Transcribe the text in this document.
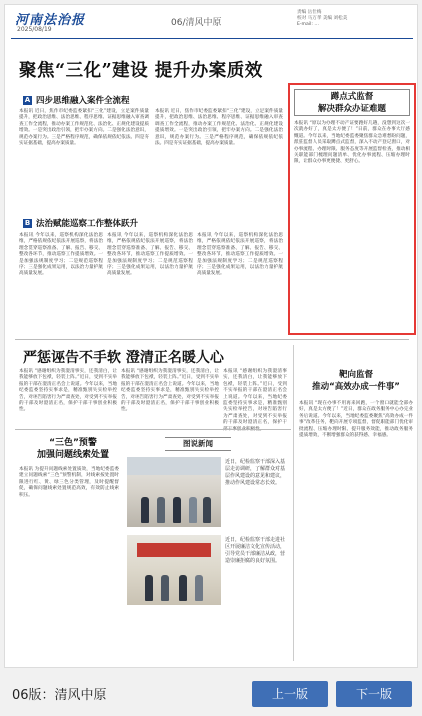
河南法治报
2025/08/19
06/清风中原
责编 岳仕梅
校对 马万孝 美编 刘松美
E-mail: …
聚焦“三化”建设 提升办案质效
A 四步思维融入案件全流程
本报讯 近日，焦作市纪委监委紧扣“三化”建设，立足案件质量提升，把政治思维、法治思维、程序思维、证据思维融入审查调查工作全流程，推动办案工作规范化、法治化、正规化建设提质增效。一是突出政治引领，把牢办案方向。二是强化法治意识，规范办案行为。三是严格程序规范，确保依规依纪依法。四是夯实证据基础，提高办案质量。
本报讯 近日，焦作市纪委监委紧扣“三化”建设，立足案件质量提升，把政治思维、法治思维、程序思维、证据思维融入审查调查工作全流程，推动办案工作规范化、法治化、正规化建设提质增效。一是突出政治引领，把牢办案方向。二是强化法治意识，规范办案行为。三是严格程序规范，确保依规依纪依法。四是夯实证据基础，提高办案质量。
B 法治赋能巡察工作整体跃升
本报讯 今年以来，巡察机构深化法治思维，严格依规依纪依法开展巡察，将法治理念贯穿巡察准备、了解、报告、移交、整改各环节，推动巡察工作提质增效。一是加强法规制度学习；二是规范巡察程序；三是强化成果运用，以法治力量护航高质量发展。
本报讯 今年以来，巡察机构深化法治思维，严格依规依纪依法开展巡察，将法治理念贯穿巡察准备、了解、报告、移交、整改各环节，推动巡察工作提质增效。一是加强法规制度学习；二是规范巡察程序；三是强化成果运用，以法治力量护航高质量发展。
本报讯 今年以来，巡察机构深化法治思维，严格依规依纪依法开展巡察，将法治理念贯穿巡察准备、了解、报告、移交、整改各环节，推动巡察工作提质增效。一是加强法规制度学习；二是规范巡察程序；三是强化成果运用，以法治力量护航高质量发展。
蹲点式监督
解决群众办证难题
本报讯 “原以为办理不动产证要跑好几趟，没想到这次一次就办好了，真是太方便了！”日前，群众在办事大厅感慨道。今年以来，当地纪委监委聚焦群众急难愁盼问题，派驻监督人员采取蹲点式监督，深入不动产登记窗口，对办事流程、办理时限、服务态度等开展监督检查，推动相关职能部门梳理问题清单、优化办事流程、压缩办理时限，让群众办事更便捷、更舒心。
严惩诬告不手软 澄清正名暖人心
本报讯 “感谢组织为我澄清事实，还我清白，让我能够放下包袱，轻装上阵。”近日，受到不实举报的干部在澄清正名会上说道。今年以来，当地纪委监委坚持实事求是，精准甄别失实检举控告，对诬告陷害行为严肃查处，对受到不实举报的干部及时澄清正名，保护干部干事创业积极性。
本报讯 “感谢组织为我澄清事实，还我清白，让我能够放下包袱，轻装上阵。”近日，受到不实举报的干部在澄清正名会上说道。今年以来，当地纪委监委坚持实事求是，精准甄别失实检举控告，对诬告陷害行为严肃查处，对受到不实举报的干部及时澄清正名，保护干部干事创业积极性。
本报讯 “感谢组织为我澄清事实，还我清白，让我能够放下包袱，轻装上阵。”近日，受到不实举报的干部在澄清正名会上说道。今年以来，当地纪委监委坚持实事求是，精准甄别失实检举控告，对诬告陷害行为严肃查处，对受到不实举报的干部及时澄清正名，保护干
“三色”预警
加强问题线索处置
本报讯 为提升问题线索处置质效，当地纪委监委建立问题线索“三色”预警机制，对线索按处置时限进行红、黄、绿三色分类管理，及时提醒督促，确保问题线索处置规范高效，有效防止线索积压。
图说新闻
近日，纪检监察干部深入基层走访调研，了解群众对基层作风建设的意见和建议，推动作风建设常态长效。
近日，纪检监察干部走进社区开展廉洁文化宣传活动，引导党员干部廉洁从政，营造崇廉拒腐的良好氛围。
靶向监督
推动“高效办成一件事”
本报讯 “现在办事不用再来回跑，一个窗口就能全部办好，真是太方便了！”近日，群众在政务服务中心办完业务后说道。今年以来，当地纪委监委聚焦“高效办成一件事”改革任务，靶向开展专项监督，督促职能部门优化审批流程、压缩办理时限、提升服务效能，推动政务服务提质增效，不断增强群众的获得感、幸福感。
06版：清风中原	上一版	下一版
